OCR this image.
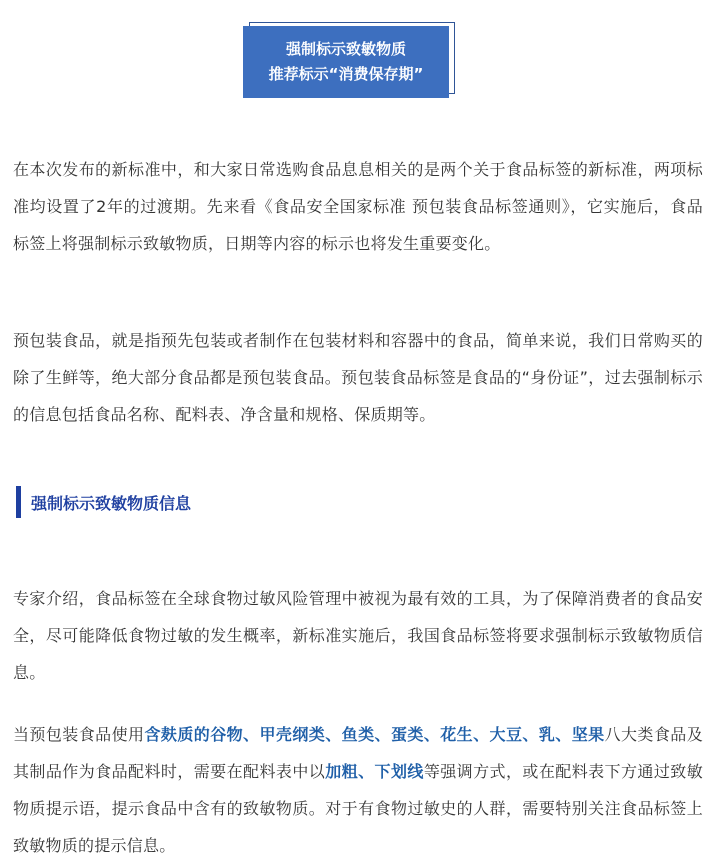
强制标示致敏物质
推荐标示“消费保存期”

在本次发布的新标准中，和大家日常选购食品息息相关的是两个关于食品标签的新标准，两项标准均设置了2年的过渡期。先来看《食品安全国家标准 预包装食品标签通则》，它实施后，食品标签上将强制标示致敏物质，日期等内容的标示也将发生重要变化。

预包装食品，就是指预先包装或者制作在包装材料和容器中的食品，简单来说，我们日常购买的除了生鲜等，绝大部分食品都是预包装食品。预包装食品标签是食品的“身份证”，过去强制标示的信息包括食品名称、配料表、净含量和规格、保质期等。

强制标示致敏物质信息

专家介绍，食品标签在全球食物过敏风险管理中被视为最有效的工具，为了保障消费者的食品安全，尽可能降低食物过敏的发生概率，新标准实施后，我国食品标签将要求强制标示致敏物质信息。

当预包装食品使用含麸质的谷物、甲壳纲类、鱼类、蛋类、花生、大豆、乳、坚果八大类食品及其制品作为食品配料时，需要在配料表中以加粗、下划线等强调方式，或在配料表下方通过致敏物质提示语，提示食品中含有的致敏物质。对于有食物过敏史的人群，需要特别关注食品标签上致敏物质的提示信息。
